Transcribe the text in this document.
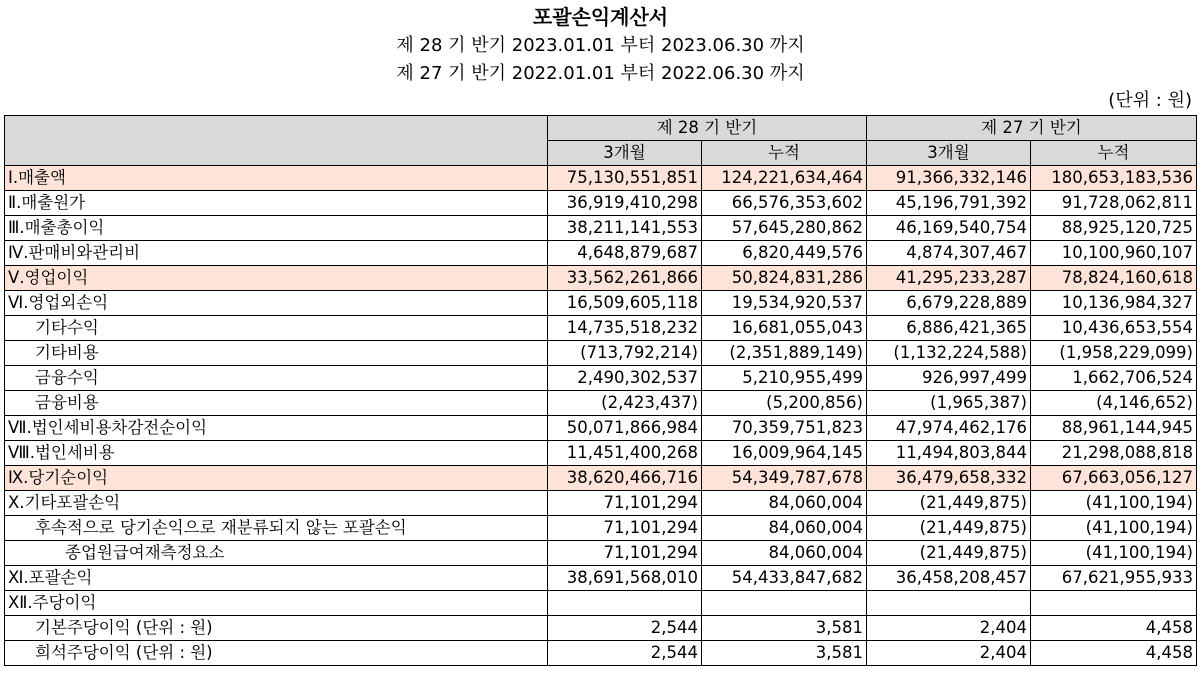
포괄손익계산서
제 28 기 반기 2023.01.01 부터 2023.06.30 까지
제 27 기 반기 2022.01.01 부터 2022.06.30 까지
(단위 : 원)
	제 28 기 반기		제 27 기 반기	
	3개월	누적	3개월	누적
Ⅰ.매출액	75,130,551,851	124,221,634,464	91,366,332,146	180,653,183,536
Ⅱ.매출원가	36,919,410,298	66,576,353,602	45,196,791,392	91,728,062,811
Ⅲ.매출총이익	38,211,141,553	57,645,280,862	46,169,540,754	88,925,120,725
Ⅳ.판매비와관리비	4,648,879,687	6,820,449,576	4,874,307,467	10,100,960,107
Ⅴ.영업이익	33,562,261,866	50,824,831,286	41,295,233,287	78,824,160,618
Ⅵ.영업외손익	16,509,605,118	19,534,920,537	6,679,228,889	10,136,984,327
기타수익	14,735,518,232	16,681,055,043	6,886,421,365	10,436,653,554
기타비용	(713,792,214)	(2,351,889,149)	(1,132,224,588)	(1,958,229,099)
금융수익	2,490,302,537	5,210,955,499	926,997,499	1,662,706,524
금융비용	(2,423,437)	(5,200,856)	(1,965,387)	(4,146,652)
Ⅶ.법인세비용차감전순이익	50,071,866,984	70,359,751,823	47,974,462,176	88,961,144,945
Ⅷ.법인세비용	11,451,400,268	16,009,964,145	11,494,803,844	21,298,088,818
Ⅸ.당기순이익	38,620,466,716	54,349,787,678	36,479,658,332	67,663,056,127
Ⅹ.기타포괄손익	71,101,294	84,060,004	(21,449,875)	(41,100,194)
후속적으로 당기손익으로 재분류되지 않는 포괄손익	71,101,294	84,060,004	(21,449,875)	(41,100,194)
종업원급여재측정요소	71,101,294	84,060,004	(21,449,875)	(41,100,194)
Ⅺ.포괄손익	38,691,568,010	54,433,847,682	36,458,208,457	67,621,955,933
ⅩⅡ.주당이익				
기본주당이익 (단위 : 원)	2,544	3,581	2,404	4,458
희석주당이익 (단위 : 원)	2,544	3,581	2,404	4,458
